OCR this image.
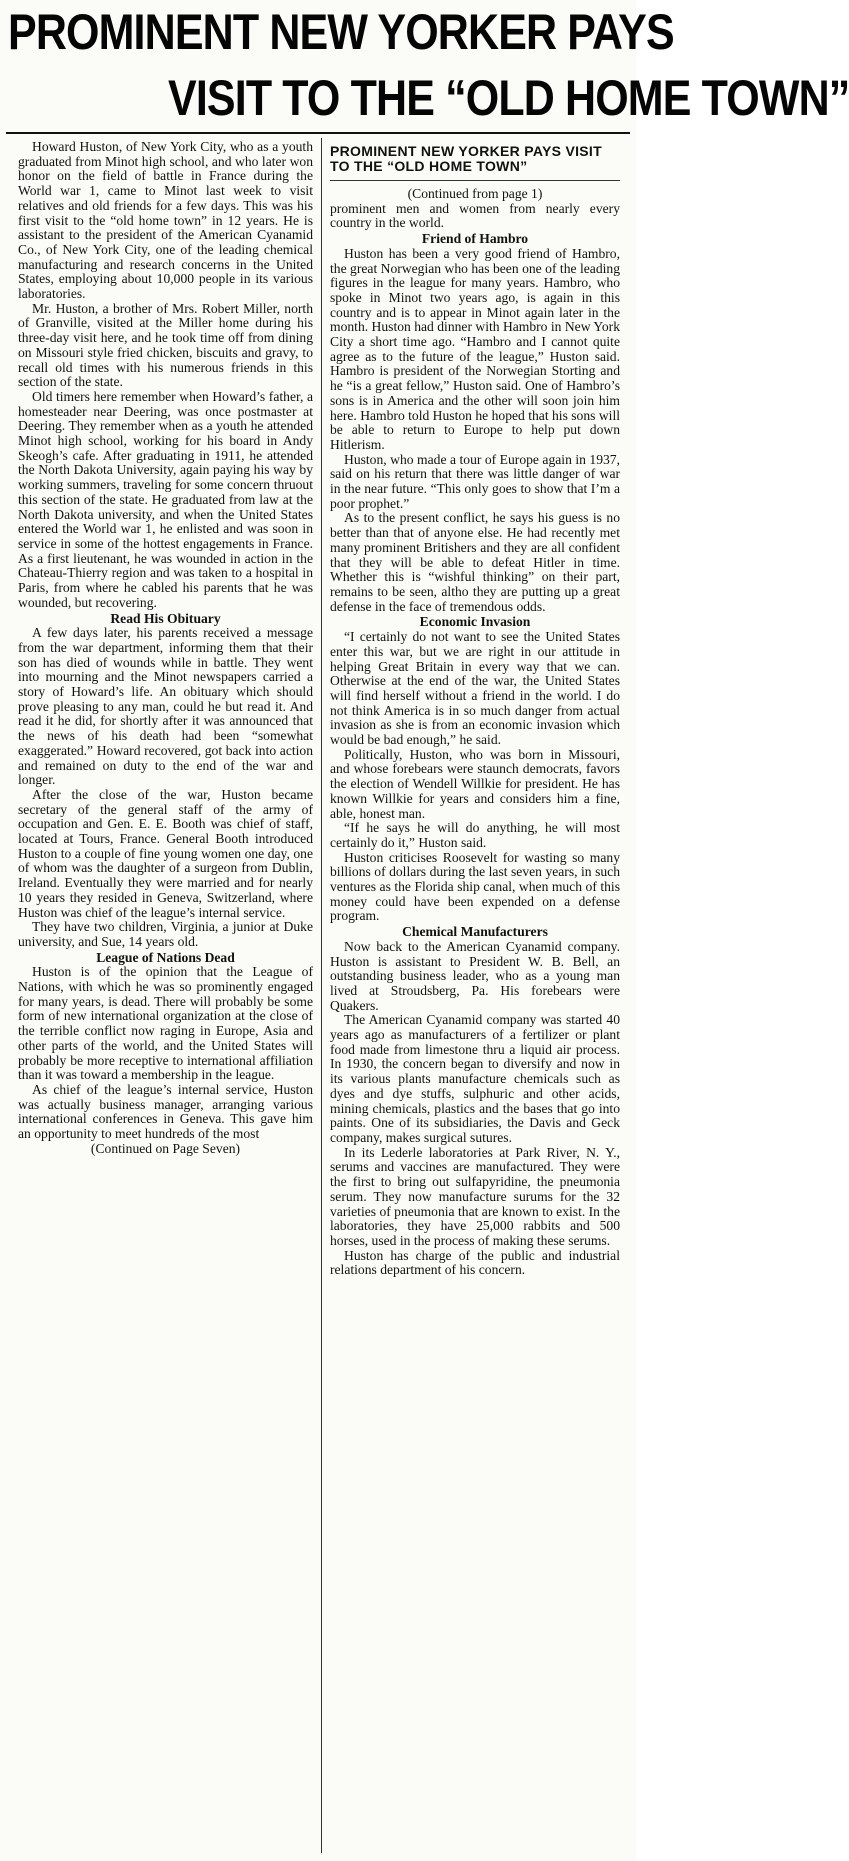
PROMINENT NEW YORKER PAYS
VISIT TO THE “OLD HOME TOWN”

Howard Huston, of New York City, who as a youth graduated from Minot high school, and who later won honor on the field of battle in France during the World war 1, came to Minot last week to visit relatives and old friends for a few days. This was his first visit to the “old home town” in 12 years. He is assistant to the president of the American Cyanamid Co., of New York City, one of the leading chemical manufacturing and research concerns in the United States, employing about 10,000 people in its various laboratories.

Mr. Huston, a brother of Mrs. Robert Miller, north of Granville, visited at the Miller home during his three-day visit here, and he took time off from dining on Missouri style fried chicken, biscuits and gravy, to recall old times with his numerous friends in this section of the state.

Old timers here remember when Howard’s father, a homesteader near Deering, was once postmaster at Deering. They remember when as a youth he attended Minot high school, working for his board in Andy Skeogh’s cafe. After graduating in 1911, he attended the North Dakota University, again paying his way by working summers, traveling for some concern thruout this section of the state. He graduated from law at the North Dakota university, and when the United States entered the World war 1, he enlisted and was soon in service in some of the hottest engagements in France. As a first lieutenant, he was wounded in action in the Chateau-Thierry region and was taken to a hospital in Paris, from where he cabled his parents that he was wounded, but recovering.

Read His Obituary

A few days later, his parents received a message from the war department, informing them that their son has died of wounds while in battle. They went into mourning and the Minot newspapers carried a story of Howard’s life. An obituary which should prove pleasing to any man, could he but read it. And read it he did, for shortly after it was announced that the news of his death had been “somewhat exaggerated.” Howard recovered, got back into action and remained on duty to the end of the war and longer.

After the close of the war, Huston became secretary of the general staff of the army of occupation and Gen. E. E. Booth was chief of staff, located at Tours, France. General Booth introduced Huston to a couple of fine young women one day, one of whom was the daughter of a surgeon from Dublin, Ireland. Eventually they were married and for nearly 10 years they resided in Geneva, Switzerland, where Huston was chief of the league’s internal service.

They have two children, Virginia, a junior at Duke university, and Sue, 14 years old.

League of Nations Dead

Huston is of the opinion that the League of Nations, with which he was so prominently engaged for many years, is dead. There will probably be some form of new international organization at the close of the terrible conflict now raging in Europe, Asia and other parts of the world, and the United States will probably be more receptive to international affiliation than it was toward a membership in the league.

As chief of the league’s internal service, Huston was actually business manager, arranging various international conferences in Geneva. This gave him an opportunity to meet hundreds of the most

(Continued on Page Seven)
PROMINENT NEW YORKER PAYS VISIT TO THE “OLD HOME TOWN”
(Continued from page 1)

prominent men and women from nearly every country in the world.

Friend of Hambro

Huston has been a very good friend of Hambro, the great Norwegian who has been one of the leading figures in the league for many years. Hambro, who spoke in Minot two years ago, is again in this country and is to appear in Minot again later in the month. Huston had dinner with Hambro in New York City a short time ago. “Hambro and I cannot quite agree as to the future of the league,” Huston said. Hambro is president of the Norwegian Storting and he “is a great fellow,” Huston said. One of Hambro’s sons is in America and the other will soon join him here. Hambro told Huston he hoped that his sons will be able to return to Europe to help put down Hitlerism.

Huston, who made a tour of Europe again in 1937, said on his return that there was little danger of war in the near future. “This only goes to show that I’m a poor prophet.”

As to the present conflict, he says his guess is no better than that of anyone else. He had recently met many prominent Britishers and they are all confident that they will be able to defeat Hitler in time. Whether this is “wishful thinking” on their part, remains to be seen, altho they are putting up a great defense in the face of tremendous odds.

Economic Invasion

“I certainly do not want to see the United States enter this war, but we are right in our attitude in helping Great Britain in every way that we can. Otherwise at the end of the war, the United States will find herself without a friend in the world. I do not think America is in so much danger from actual invasion as she is from an economic invasion which would be bad enough,” he said.

Politically, Huston, who was born in Missouri, and whose forebears were staunch democrats, favors the election of Wendell Willkie for president. He has known Willkie for years and considers him a fine, able, honest man.

“If he says he will do anything, he will most certainly do it,” Huston said.

Huston criticises Roosevelt for wasting so many billions of dollars during the last seven years, in such ventures as the Florida ship canal, when much of this money could have been expended on a defense program.

Chemical Manufacturers

Now back to the American Cyanamid company. Huston is assistant to President W. B. Bell, an outstanding business leader, who as a young man lived at Stroudsberg, Pa. His forebears were Quakers.

The American Cyanamid company was started 40 years ago as manufacturers of a fertilizer or plant food made from limestone thru a liquid air process. In 1930, the concern began to diversify and now in its various plants manufacture chemicals such as dyes and dye stuffs, sulphuric and other acids, mining chemicals, plastics and the bases that go into paints. One of its subsidiaries, the Davis and Geck company, makes surgical sutures.

In its Lederle laboratories at Park River, N. Y., serums and vaccines are manufactured. They were the first to bring out sulfapyridine, the pneumonia serum. They now manufacture surums for the 32 varieties of pneumonia that are known to exist. In the laboratories, they have 25,000 rabbits and 500 horses, used in the process of making these serums.

Huston has charge of the public and industrial relations department of his concern.
